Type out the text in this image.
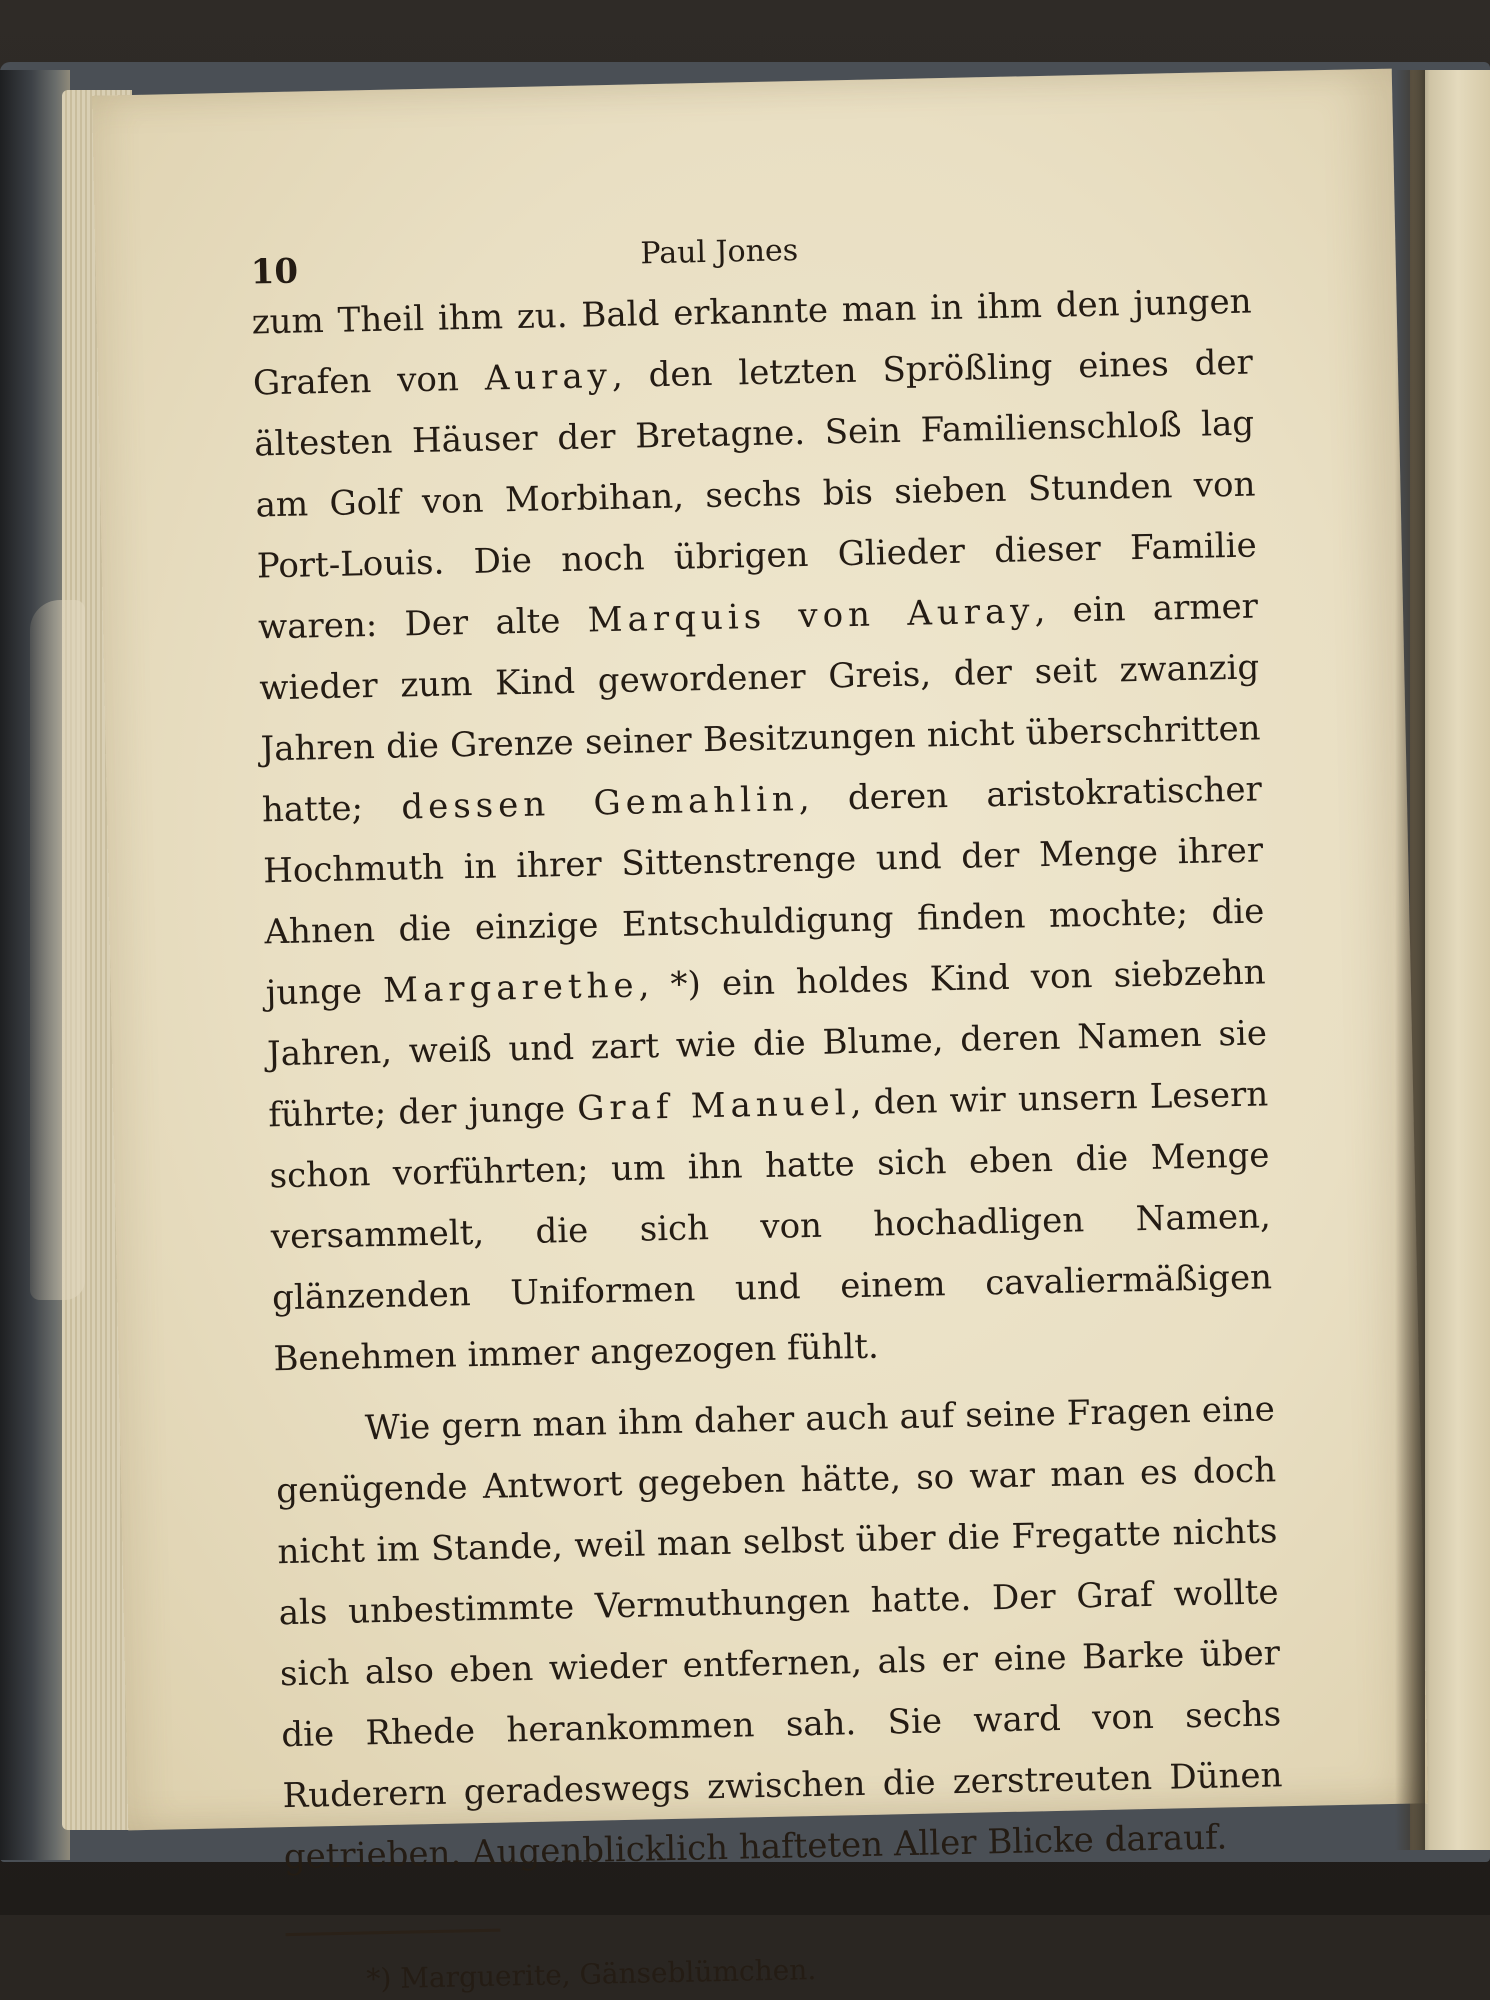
10	Paul Jones

zum Theil ihm zu. Bald erkannte man in ihm den jungen Grafen von Auray, den letzten Sprößling eines der ältesten Häuser der Bretagne. Sein Familienschloß lag am Golf von Morbihan, sechs bis sieben Stunden von Port-Louis. Die noch übrigen Glieder dieser Familie waren: Der alte Marquis von Auray, ein armer wieder zum Kind gewordener Greis, der seit zwanzig Jahren die Grenze seiner Besitzungen nicht überschritten hatte; dessen Gemahlin, deren aristokratischer Hochmuth in ihrer Sittenstrenge und der Menge ihrer Ahnen die einzige Entschuldigung finden mochte; die junge Margarethe, *) ein holdes Kind von siebzehn Jahren, weiß und zart wie die Blume, deren Namen sie führte; der junge Graf Manuel, den wir unsern Lesern schon vorführten; um ihn hatte sich eben die Menge versammelt, die sich von hochadligen Namen, glänzenden Uniformen und einem cavaliermäßigen Benehmen immer angezogen fühlt.

Wie gern man ihm daher auch auf seine Fragen eine genügende Antwort gegeben hätte, so war man es doch nicht im Stande, weil man selbst über die Fregatte nichts als unbestimmte Vermuthungen hatte. Der Graf wollte sich also eben wieder entfernen, als er eine Barke über die Rhede herankommen sah. Sie ward von sechs Ruderern geradeswegs zwischen die zerstreuten Dünen getrieben. Augenblicklich hafteten Aller Blicke darauf.

*) Marguerite, Gänseblümchen.
